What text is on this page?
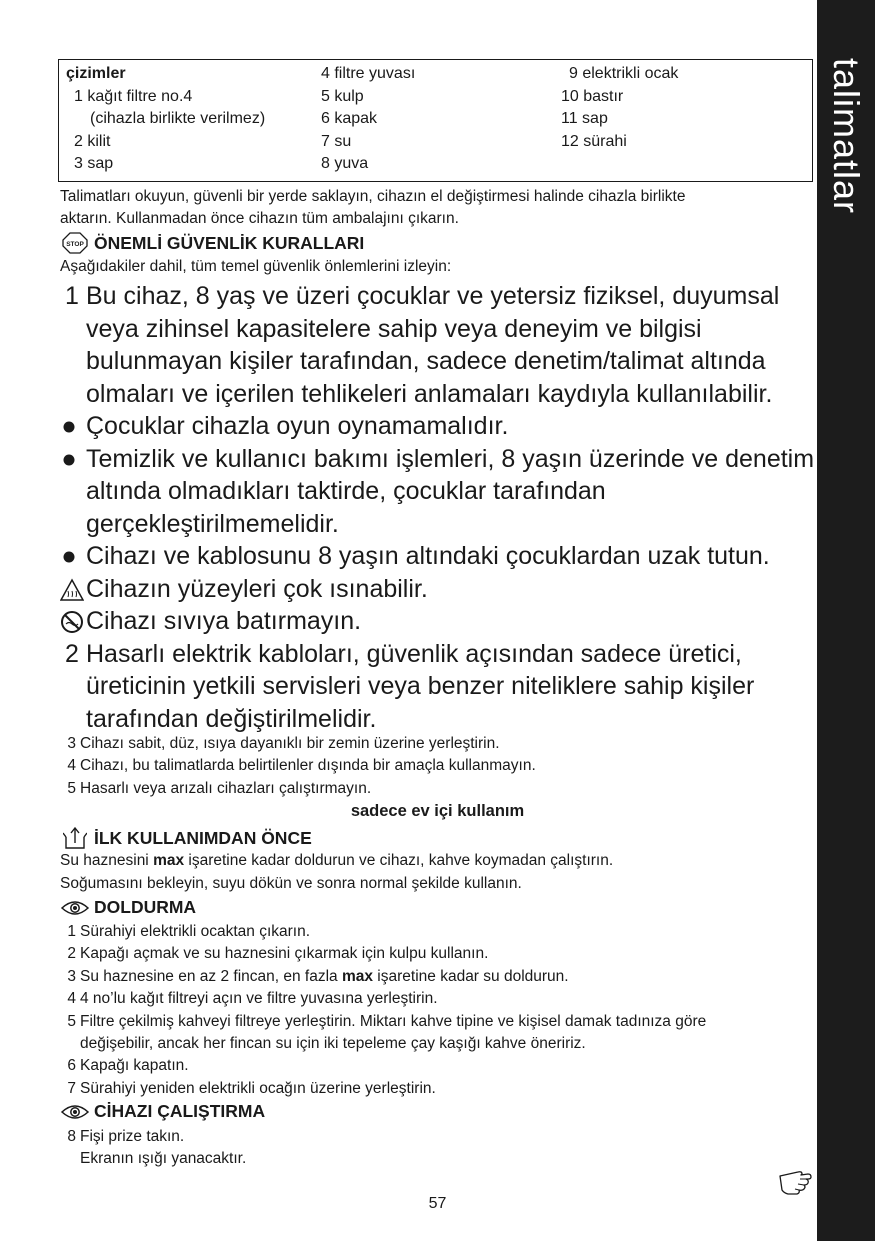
talimatlar
çizimler
1 kağıt filtre no.4
(cihazla birlikte verilmez)
2 kilit
3 sap
4 filtre yuvası
5 kulp
6 kapak
7 su
8 yuva
9 elektrikli ocak
10 bastır
11 sap
12 sürahi
Talimatları okuyun, güvenli bir yerde saklayın, cihazın el değiştirmesi halinde cihazla birlikte
aktarın. Kullanmadan önce cihazın tüm ambalajını çıkarın.
STOP ÖNEMLİ GÜVENLİK KURALLARI
Aşağıdakiler dahil, tüm temel güvenlik önlemlerini izleyin:
1 Bu cihaz, 8 yaş ve üzeri çocuklar ve yetersiz fiziksel, duyumsal
veya zihinsel kapasitelere sahip veya deneyim ve bilgisi
bulunmayan kişiler tarafından, sadece denetim/talimat altında
olmaları ve içerilen tehlikeleri anlamaları kaydıyla kullanılabilir.
Çocuklar cihazla oyun oynamamalıdır.
Temizlik ve kullanıcı bakımı işlemleri, 8 yaşın üzerinde ve denetim
altında olmadıkları taktirde, çocuklar tarafından
gerçekleştirilmemelidir.
Cihazı ve kablosunu 8 yaşın altındaki çocuklardan uzak tutun.
Cihazın yüzeyleri çok ısınabilir.
Cihazı sıvıya batırmayın.
2 Hasarlı elektrik kabloları, güvenlik açısından sadece üretici,
üreticinin yetkili servisleri veya benzer niteliklere sahip kişiler
tarafından değiştirilmelidir.
3 Cihazı sabit, düz, ısıya dayanıklı bir zemin üzerine yerleştirin.
4 Cihazı, bu talimatlarda belirtilenler dışında bir amaçla kullanmayın.
5 Hasarlı veya arızalı cihazları çalıştırmayın.
sadece ev içi kullanım
İLK KULLANIMDAN ÖNCE
Su haznesini max işaretine kadar doldurun ve cihazı, kahve koymadan çalıştırın.
Soğumasını bekleyin, suyu dökün ve sonra normal şekilde kullanın.
DOLDURMA
1 Sürahiyi elektrikli ocaktan çıkarın.
2 Kapağı açmak ve su haznesini çıkarmak için kulpu kullanın.
3 Su haznesine en az 2 fincan, en fazla max işaretine kadar su doldurun.
4 4 no’lu kağıt filtreyi açın ve filtre yuvasına yerleştirin.
5 Filtre çekilmiş kahveyi filtreye yerleştirin. Miktarı kahve tipine ve kişisel damak tadınıza göre
değişebilir, ancak her fincan su için iki tepeleme çay kaşığı kahve öneririz.
6 Kapağı kapatın.
7 Sürahiyi yeniden elektrikli ocağın üzerine yerleştirin.
CİHAZI ÇALIŞTIRMA
8 Fişi prize takın.
Ekranın ışığı yanacaktır.
57
